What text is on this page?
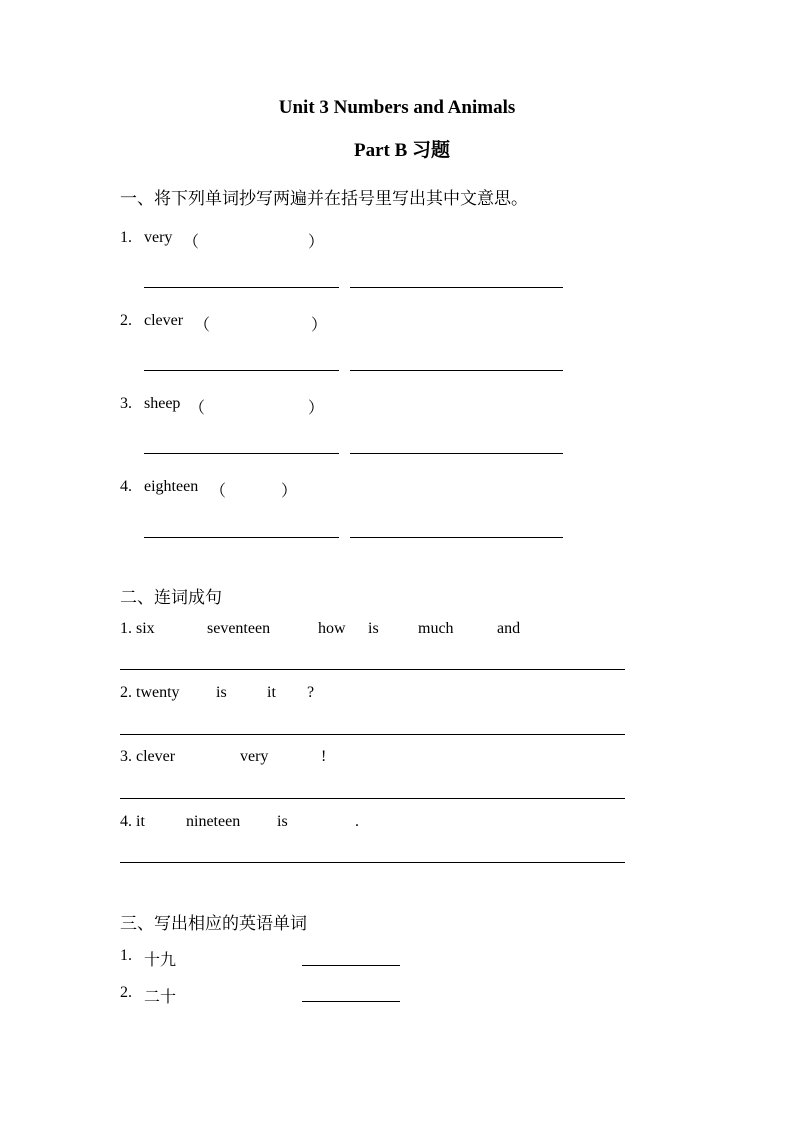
Unit 3 Numbers and Animals
Part B 习题
一、将下列单词抄写两遍并在括号里写出其中文意思。
1. very （	）
2. clever （	）
3. sheep （	）
4. eighteen （	）
二、连词成句
1. six	seventeen	how is much	and
2. twenty is	it ?
3. clever	very	!
4. it	nineteen is	.
三、写出相应的英语单词
1. 十九
2. 二十
